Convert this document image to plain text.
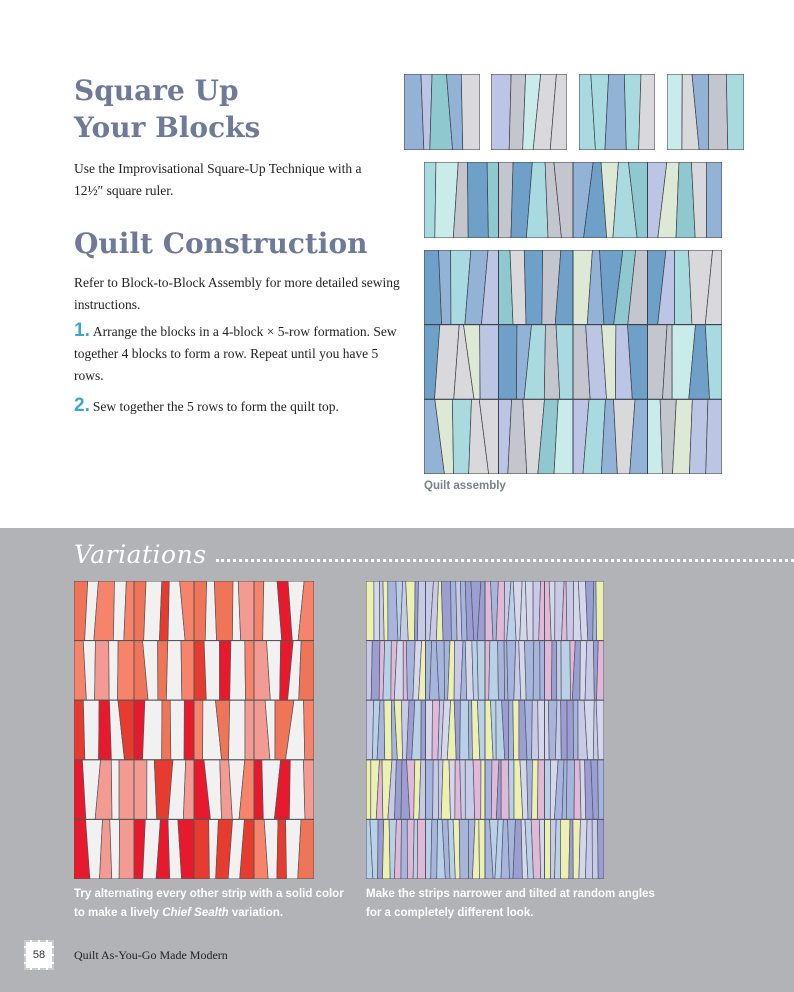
Square Up
Your Blocks

Use the Improvisational Square-Up Technique with a 12½″ square ruler.

Quilt Construction

Refer to Block-to-Block Assembly for more detailed sewing instructions.

1. Arrange the blocks in a 4-block × 5-row formation. Sew together 4 blocks to form a row. Repeat until you have 5 rows.

2. Sew together the 5 rows to form the quilt top.

Quilt assembly
Variations
Try alternating every other strip with a solid color to make a lively Chief Sealth variation.
Make the strips narrower and tilted at random angles for a completely different look.
58 Quilt As-You-Go Made Modern
